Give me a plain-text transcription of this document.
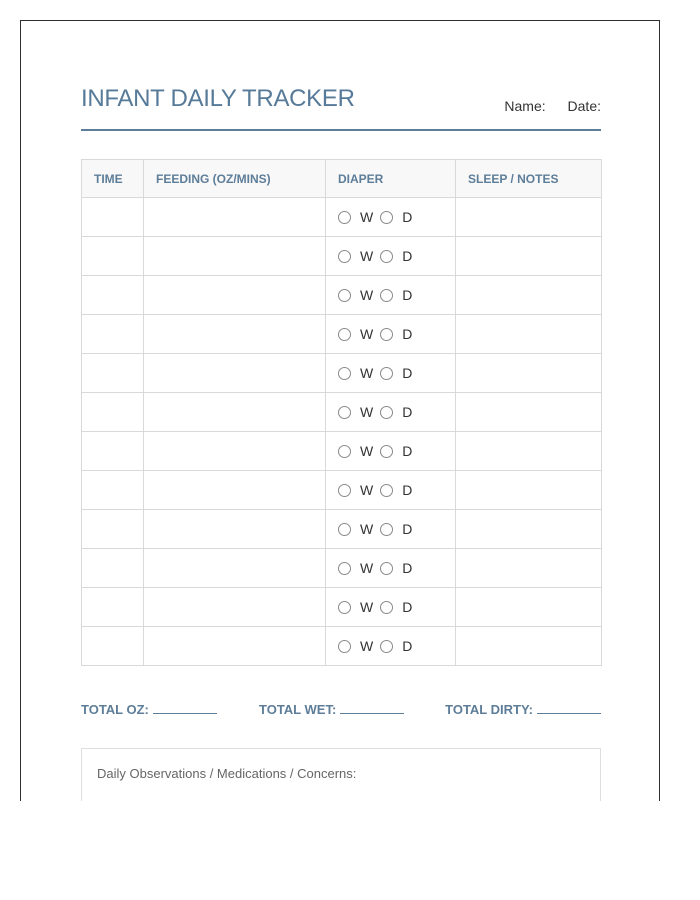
INFANT DAILY TRACKER	Name: Date:
TIME	FEEDING (OZ/MINS)	DIAPER	SLEEP / NOTES
		W D	
		W D	
		W D	
		W D	
		W D	
		W D	
		W D	
		W D	
		W D	
		W D	
		W D	
		W D	
TOTAL OZ:	TOTAL WET:	TOTAL DIRTY:
Daily Observations / Medications / Concerns:
